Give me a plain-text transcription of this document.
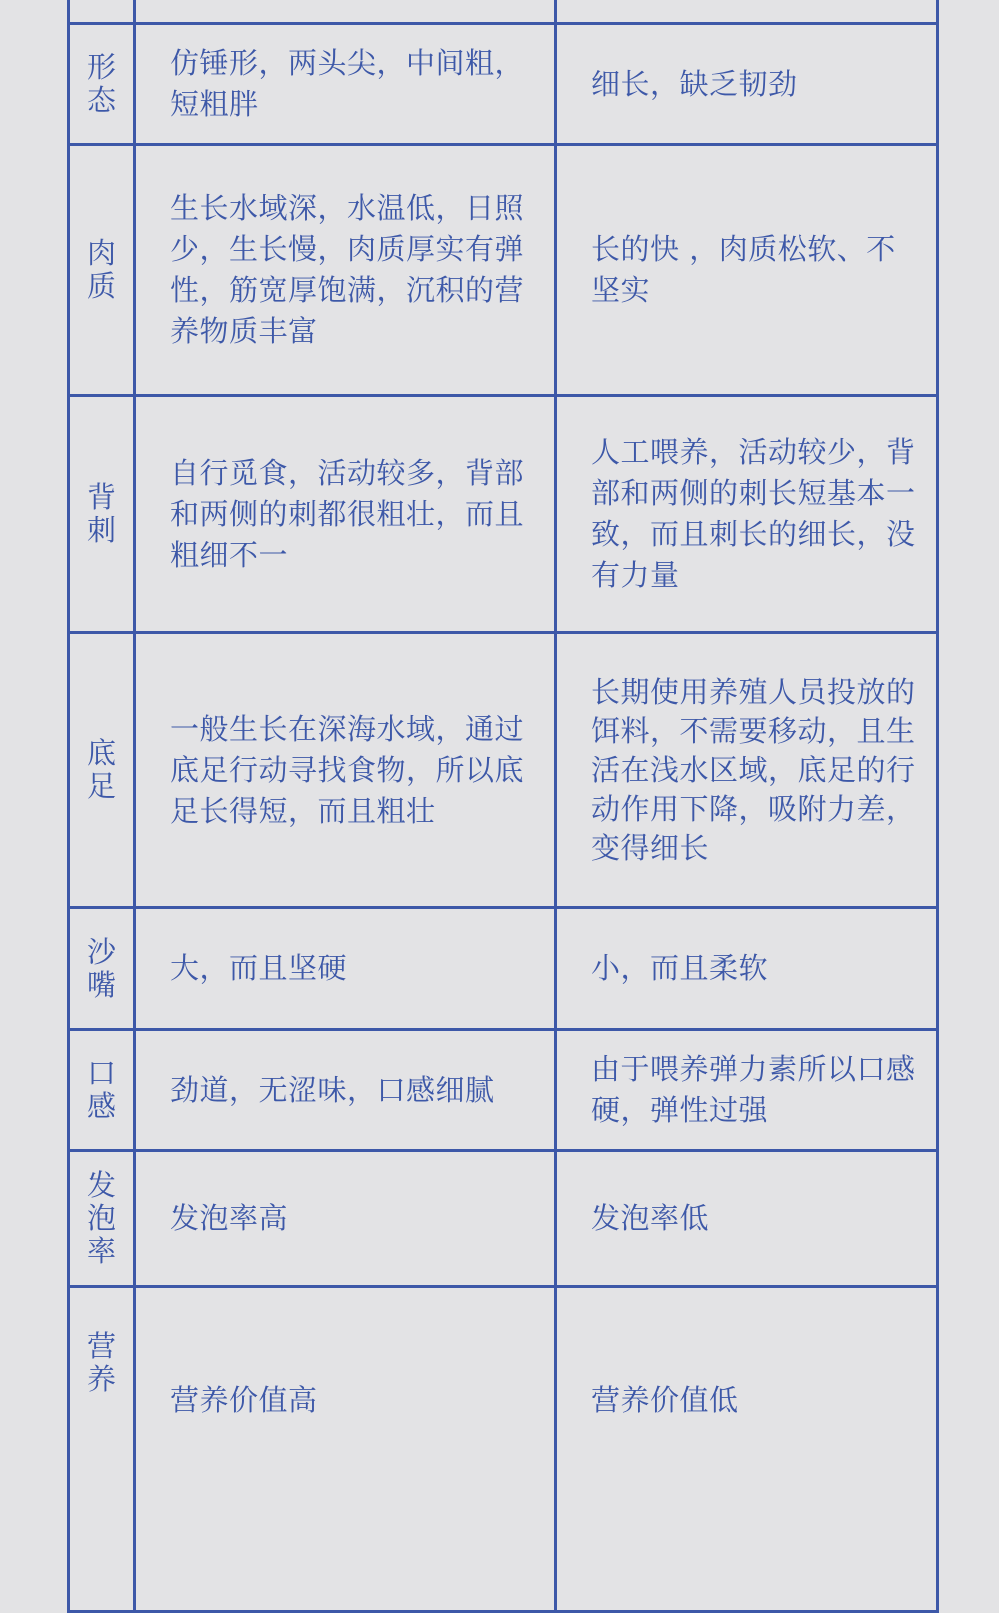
形态	仿锤形，两头尖，中间粗，短粗胖	细长，缺乏韧劲

肉质	生长水域深，水温低，日照少，生长慢，肉质厚实有弹性，筋宽厚饱满，沉积的营养物质丰富	长的快 ，肉质松软、不坚实

背刺	自行觅食，活动较多，背部和两侧的刺都很粗壮，而且粗细不一	人工喂养，活动较少，背部和两侧的刺长短基本一致，而且刺长的细长，没有力量

底足	一般生长在深海水域，通过底足行动寻找食物，所以底足长得短，而且粗壮	长期使用养殖人员投放的饵料，不需要移动，且生活在浅水区域，底足的行动作用下降，吸附力差，变得细长

沙嘴	大，而且坚硬	小，而且柔软

口感	劲道，无涩味，口感细腻	由于喂养弹力素所以口感硬，弹性过强

发泡率	发泡率高	发泡率低

营养	营养价值高	营养价值低
